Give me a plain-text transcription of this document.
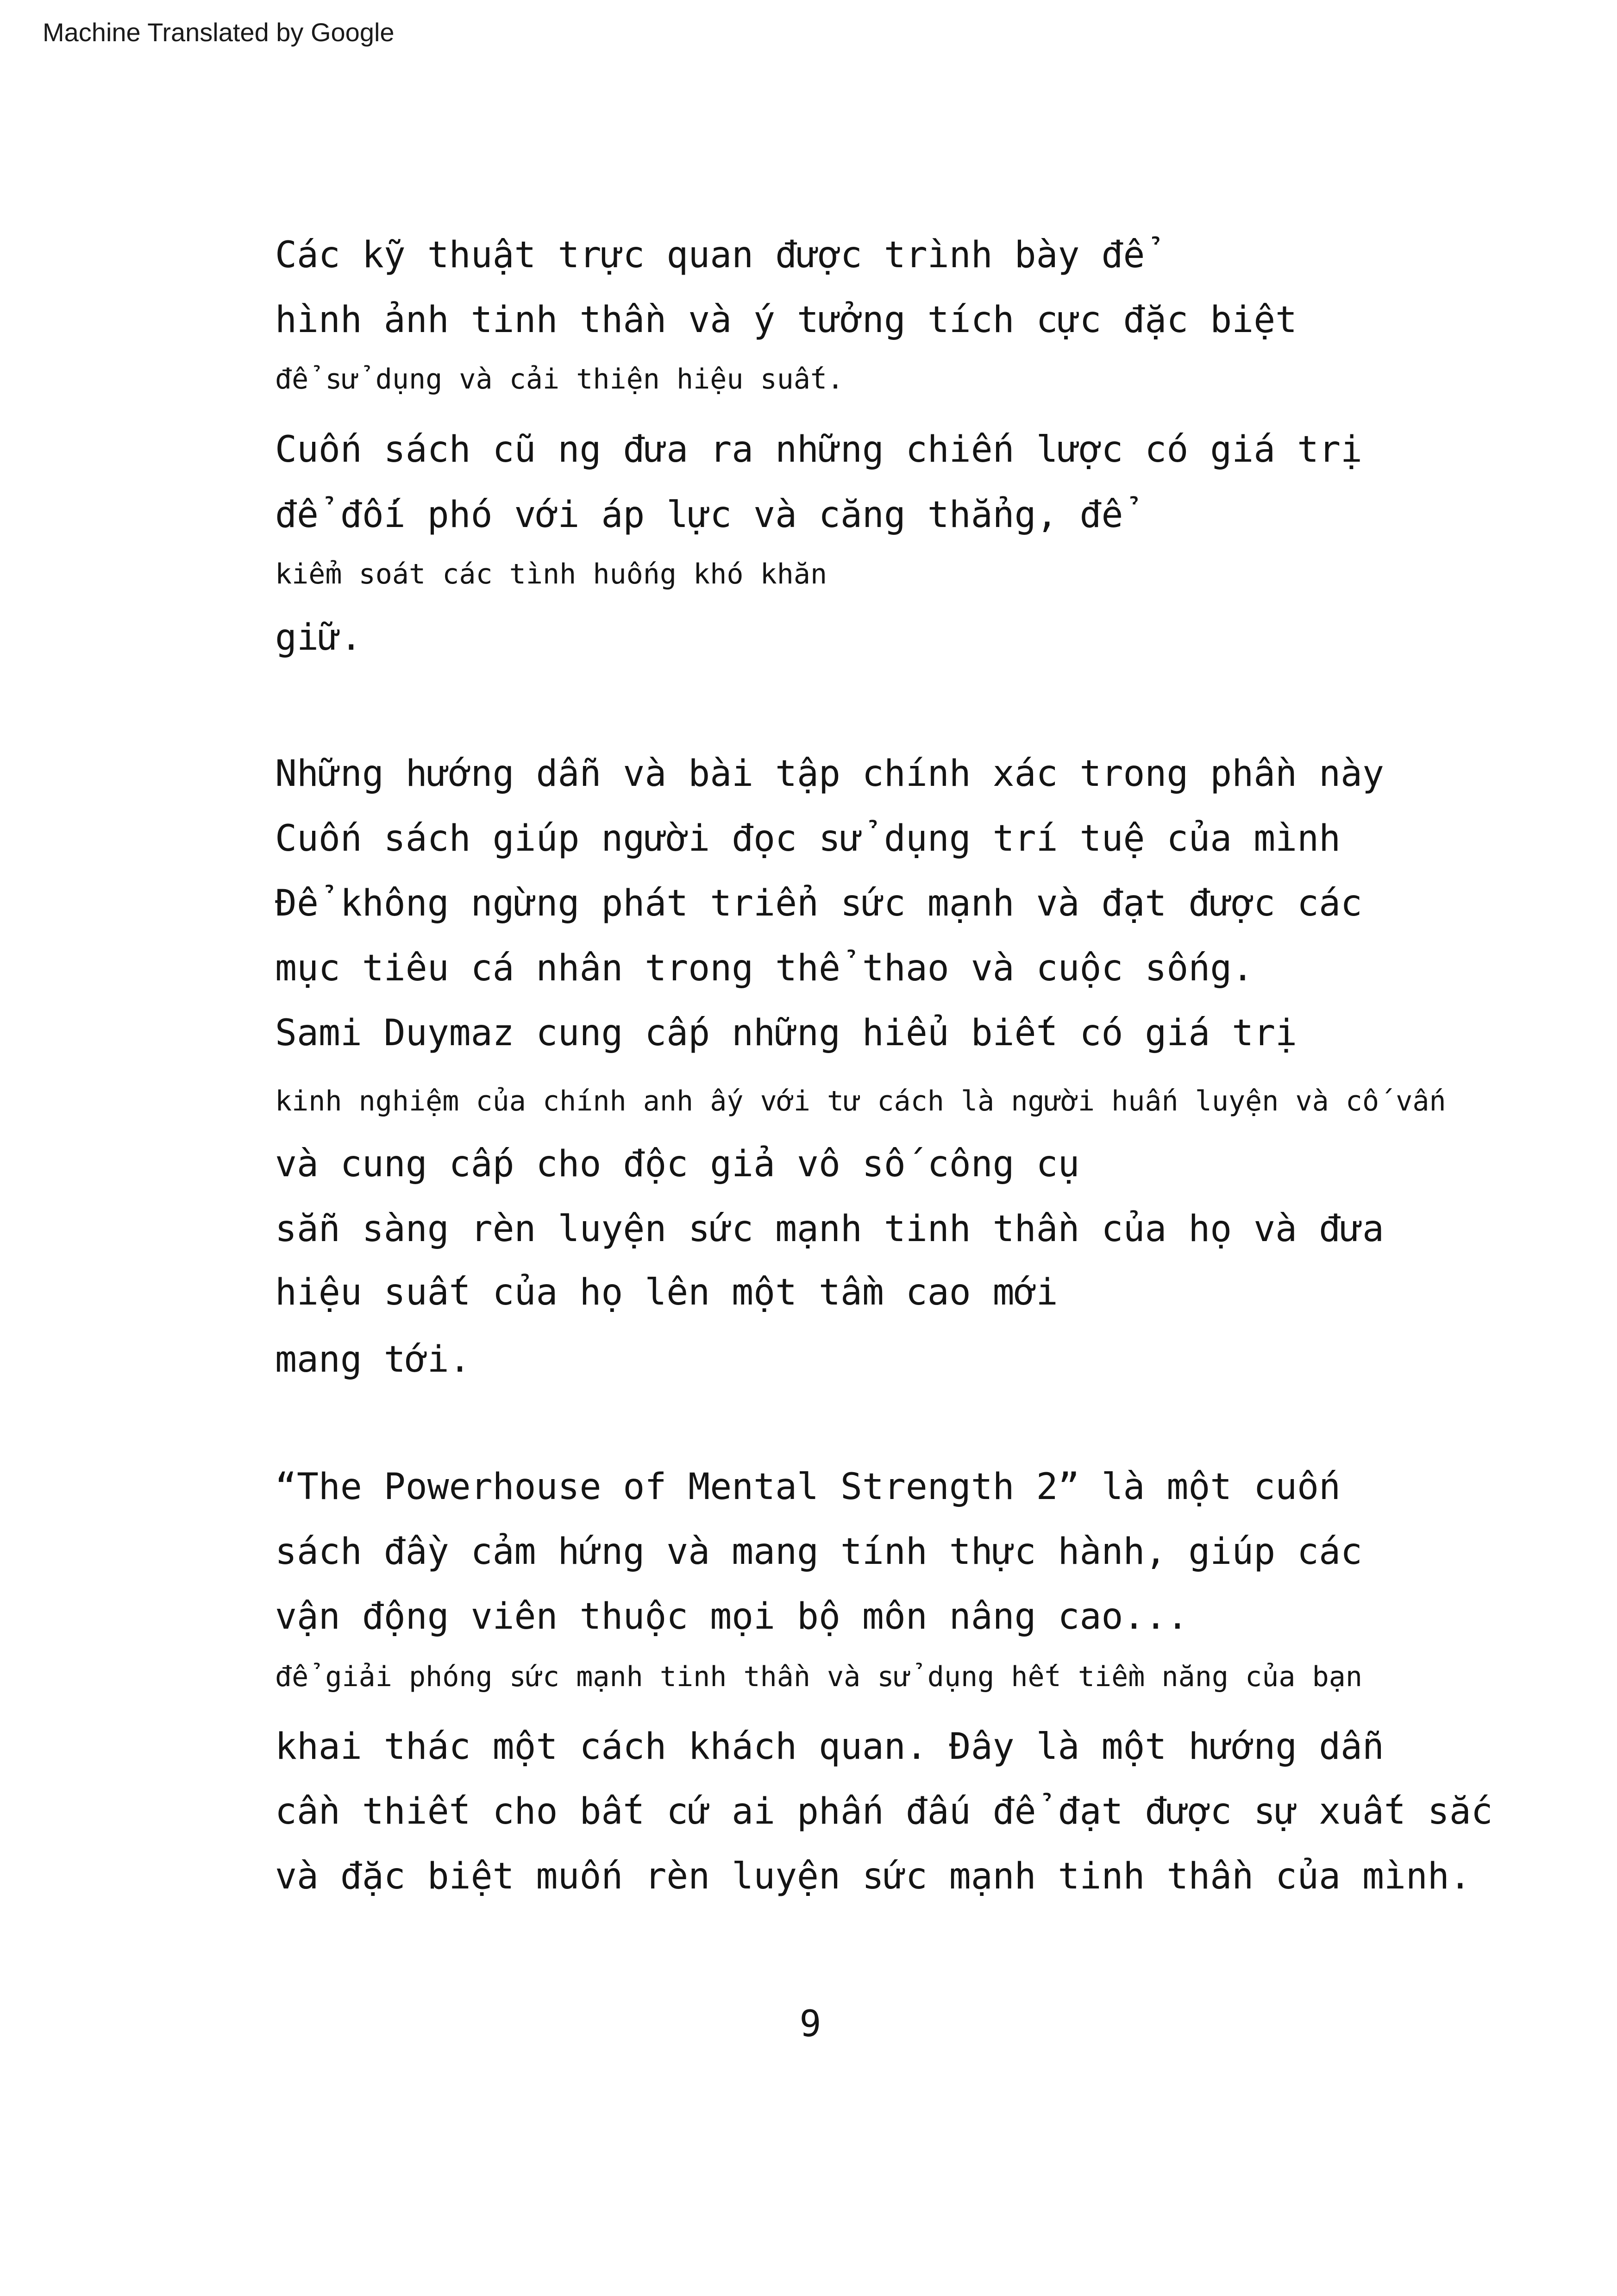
Machine Translated by Google
Các kỹ thuật trực quan được trình bày để
hình ảnh tinh thần và ý tưởng tích cực đặc biệt
để sử dụng và cải thiện hiệu suất.
Cuốn sách cũ ng đưa ra những chiến lược có giá trị
để đối phó với áp lực và căng thẳng, để
kiểm soát các tình huống khó khăn
giữ.
Những hướng dẫn và bài tập chính xác trong phần này
Cuốn sách giúp người đọc sử dụng trí tuệ của mình
Để không ngừng phát triển sức mạnh và đạt được các
mục tiêu cá nhân trong thể thao và cuộc sống.
Sami Duymaz cung cấp những hiểu biết có giá trị
kinh nghiệm của chính anh ấy với tư cách là người huấn luyện và cố vấn
và cung cấp cho độc giả vô số công cụ
sẵn sàng rèn luyện sức mạnh tinh thần của họ và đưa
hiệu suất của họ lên một tầm cao mới
mang tới.
“The Powerhouse of Mental Strength 2” là một cuốn
sách đầy cảm hứng và mang tính thực hành, giúp các
vận động viên thuộc mọi bộ môn nâng cao...
để giải phóng sức mạnh tinh thần và sử dụng hết tiềm năng của bạn
khai thác một cách khách quan. Đây là một hướng dẫn
cần thiết cho bất cứ ai phấn đấu để đạt được sự xuất sắc
và đặc biệt muốn rèn luyện sức mạnh tinh thần của mình.
9
